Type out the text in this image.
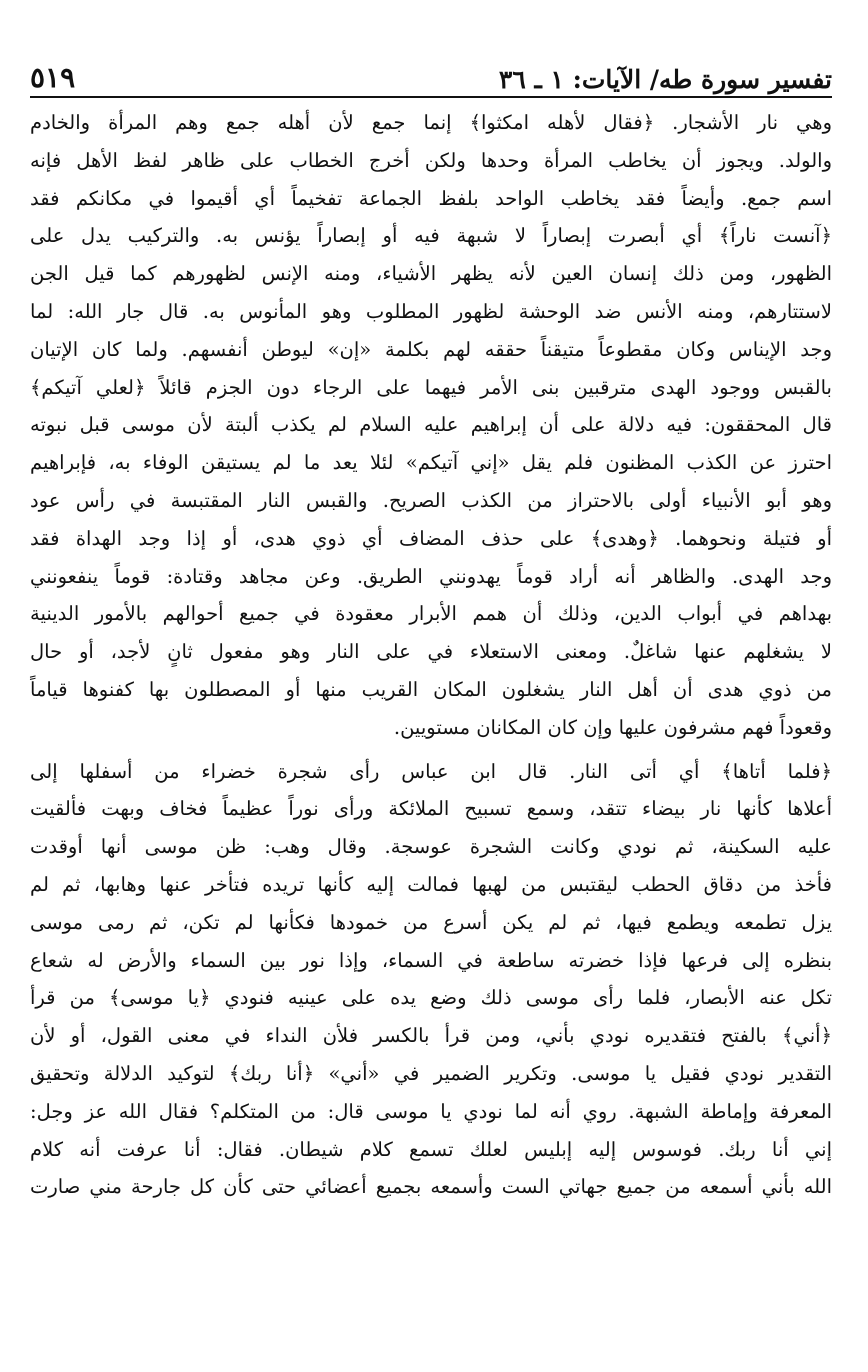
٥١٩	تفسير سورة طه/ الآيات: ١ ـ ٣٦

وهي نار الأشجار. ﴿فقال لأهله امكثوا﴾ إنما جمع لأن أهله جمع وهم المرأة والخادم
والولد. ويجوز أن يخاطب المرأة وحدها ولكن أخرج الخطاب على ظاهر لفظ الأهل فإنه
اسم جمع. وأيضاً فقد يخاطب الواحد بلفظ الجماعة تفخيماً أي أقيموا في مكانكم فقد
﴿آنست ناراً﴾ أي أبصرت إبصاراً لا شبهة فيه أو إبصاراً يؤنس به. والتركيب يدل على
الظهور، ومن ذلك إنسان العين لأنه يظهر الأشياء، ومنه الإنس لظهورهم كما قيل الجن
لاستتارهم، ومنه الأنس ضد الوحشة لظهور المطلوب وهو المأنوس به. قال جار الله: لما
وجد الإيناس وكان مقطوعاً متيقناً حققه لهم بكلمة «إن» ليوطن أنفسهم. ولما كان الإتيان
بالقبس ووجود الهدى مترقبين بنى الأمر فيهما على الرجاء دون الجزم قائلاً ﴿لعلي آتيكم﴾
قال المحققون: فيه دلالة على أن إبراهيم عليه السلام لم يكذب ألبتة لأن موسى قبل نبوته
احترز عن الكذب المظنون فلم يقل «إني آتيكم» لئلا يعد ما لم يستيقن الوفاء به، فإبراهيم
وهو أبو الأنبياء أولى بالاحتراز من الكذب الصريح. والقبس النار المقتبسة في رأس عود
أو فتيلة ونحوهما. ﴿وهدى﴾ على حذف المضاف أي ذوي هدى، أو إذا وجد الهداة فقد
وجد الهدى. والظاهر أنه أراد قوماً يهدونني الطريق. وعن مجاهد وقتادة: قوماً ينفعونني
بهداهم في أبواب الدين، وذلك أن همم الأبرار معقودة في جميع أحوالهم بالأمور الدينية
لا يشغلهم عنها شاغلٌ. ومعنى الاستعلاء في على النار وهو مفعول ثانٍ لأجد، أو حال
من ذوي هدى أن أهل النار يشغلون المكان القريب منها أو المصطلون بها كفنوها قياماً
وقعوداً فهم مشرفون عليها وإن كان المكانان مستويين.

﴿فلما أتاها﴾ أي أتى النار. قال ابن عباس رأى شجرة خضراء من أسفلها إلى
أعلاها كأنها نار بيضاء تتقد، وسمع تسبيح الملائكة ورأى نوراً عظيماً فخاف وبهت فألقيت
عليه السكينة، ثم نودي وكانت الشجرة عوسجة. وقال وهب: ظن موسى أنها أوقدت
فأخذ من دقاق الحطب ليقتبس من لهبها فمالت إليه كأنها تريده فتأخر عنها وهابها، ثم لم
يزل تطمعه ويطمع فيها، ثم لم يكن أسرع من خمودها فكأنها لم تكن، ثم رمى موسى
بنظره إلى فرعها فإذا خضرته ساطعة في السماء، وإذا نور بين السماء والأرض له شعاع
تكل عنه الأبصار، فلما رأى موسى ذلك وضع يده على عينيه فنودي ﴿يا موسى﴾ من قرأ
﴿أني﴾ بالفتح فتقديره نودي بأني، ومن قرأ بالكسر فلأن النداء في معنى القول، أو لأن
التقدير نودي فقيل يا موسى. وتكرير الضمير في «أني» ﴿أنا ربك﴾ لتوكيد الدلالة وتحقيق
المعرفة وإماطة الشبهة. روي أنه لما نودي يا موسى قال: من المتكلم؟ فقال الله عز وجل:
إني أنا ربك. فوسوس إليه إبليس لعلك تسمع كلام شيطان. فقال: أنا عرفت أنه كلام
الله بأني أسمعه من جميع جهاتي الست وأسمعه بجميع أعضائي حتى كأن كل جارحة مني صارت
